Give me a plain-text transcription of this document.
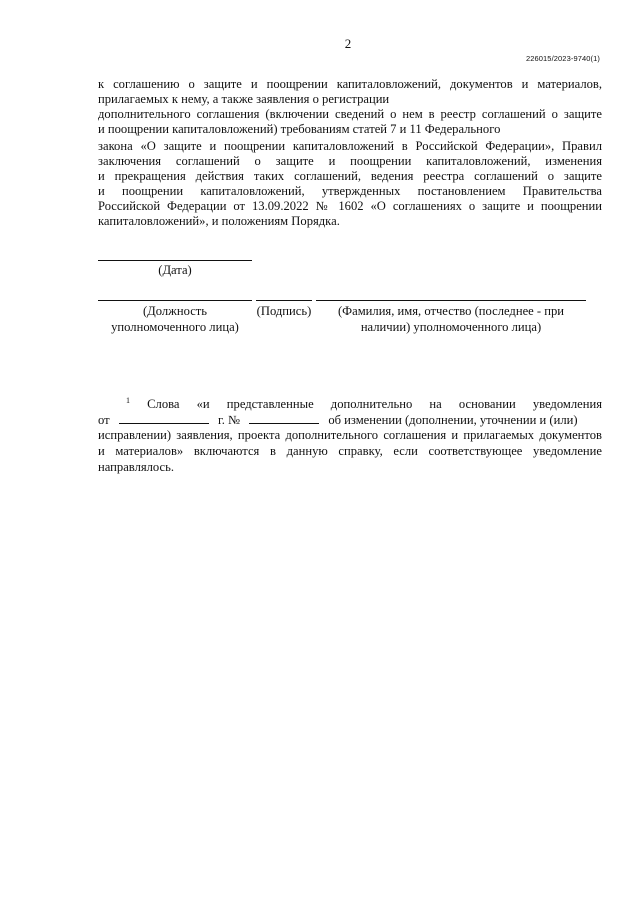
2
226015/2023-9740(1)
к соглашению о защите и поощрении капиталовложений, документов и материалов,
прилагаемых к нему, а также заявления о регистрации
дополнительного соглашения (включении сведений о нем в реестр соглашений о защите
и поощрении капиталовложений) требованиям статей 7 и 11 Федерального
закона «О защите и поощрении капиталовложений в Российской Федерации», Правил
заключения соглашений о защите и поощрении капиталовложений, изменения
и прекращения действия таких соглашений, ведения реестра соглашений о защите
и поощрении капиталовложений, утвержденных постановлением Правительства
Российской Федерации от 13.09.2022 № 1602 «О соглашениях о защите и поощрении
капиталовложений», и положениям Порядка.
(Дата)
(Должность
уполномоченного лица)
(Подпись)	(Фамилия, имя, отчество (последнее - при
наличии) уполномоченного лица)
$^1$ Слова «и представленные дополнительно на основании уведомления
от	г. №	об изменении (дополнении, уточнении и (или)
исправлении) заявления, проекта дополнительного соглашения и прилагаемых документов
и материалов» включаются в данную справку, если соответствующее уведомление
направлялось.
